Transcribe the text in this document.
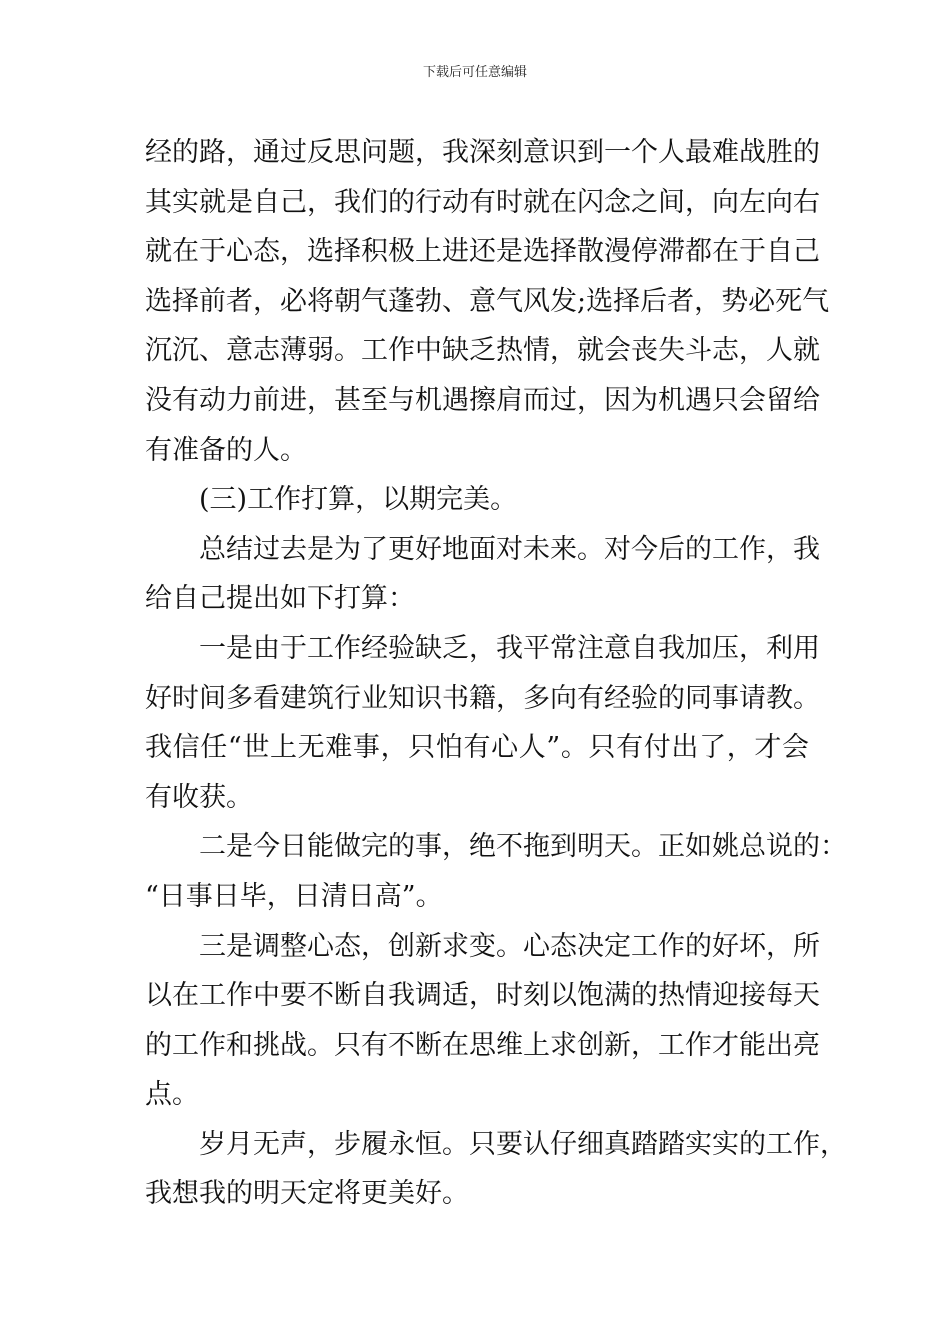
下载后可任意编辑
经的路，通过反思问题，我深刻意识到一个人最难战胜的
其实就是自己，我们的行动有时就在闪念之间，向左向右
就在于心态，选择积极上进还是选择散漫停滞都在于自己
选择前者，必将朝气蓬勃、意气风发;选择后者，势必死气
沉沉、意志薄弱。工作中缺乏热情，就会丧失斗志，人就
没有动力前进，甚至与机遇擦肩而过，因为机遇只会留给
有准备的人。
(三)工作打算，以期完美。
总结过去是为了更好地面对未来。对今后的工作，我
给自己提出如下打算：
一是由于工作经验缺乏，我平常注意自我加压，利用
好时间多看建筑行业知识书籍，多向有经验的同事请教。
我信任“世上无难事，只怕有心人”。只有付出了，才会
有收获。
二是今日能做完的事，绝不拖到明天。正如姚总说的：
“日事日毕，日清日高”。
三是调整心态，创新求变。心态决定工作的好坏，所
以在工作中要不断自我调适，时刻以饱满的热情迎接每天
的工作和挑战。只有不断在思维上求创新，工作才能出亮
点。
岁月无声，步履永恒。只要认仔细真踏踏实实的工作，
我想我的明天定将更美好。
